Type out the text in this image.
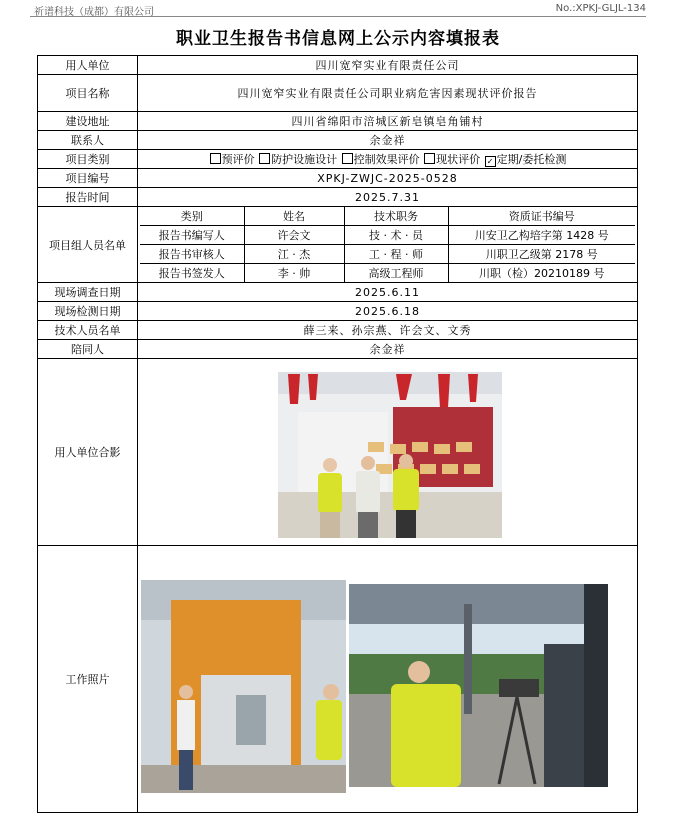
祈谱科技（成都）有限公司	No.:XPKJ-GLJL-134
职业卫生报告书信息网上公示内容填报表
用人单位	四川宽窄实业有限责任公司
项目名称	四川宽窄实业有限责任公司职业病危害因素现状评价报告
建设地址	四川省绵阳市涪城区新皂镇皂角铺村
联系人	余金祥
项目类别	预评价 防护设施设计 控制效果评价 现状评价 ✓ 定期/委托检测
项目编号	XPKJ-ZWJC-2025-0528
报告时间	2025.7.31
项目组人员名单	
类别	姓名	技术职务	资质证书编号
报告书编写人	许会文	技 · 术 · 员	川安卫乙构培字第 1428 号
报告书审核人	江 · 杰	工 · 程 · 师	川职卫乙级第 2178 号
报告书签发人	李 · 帅	高级工程师	川职（检）20210189 号

现场调查日期	2025.6.11
现场检测日期	2025.6.18
技术人员名单	薛三来、孙宗燕、许会文、文秀
陪同人	余金祥
用人单位合影	
工作照片	
